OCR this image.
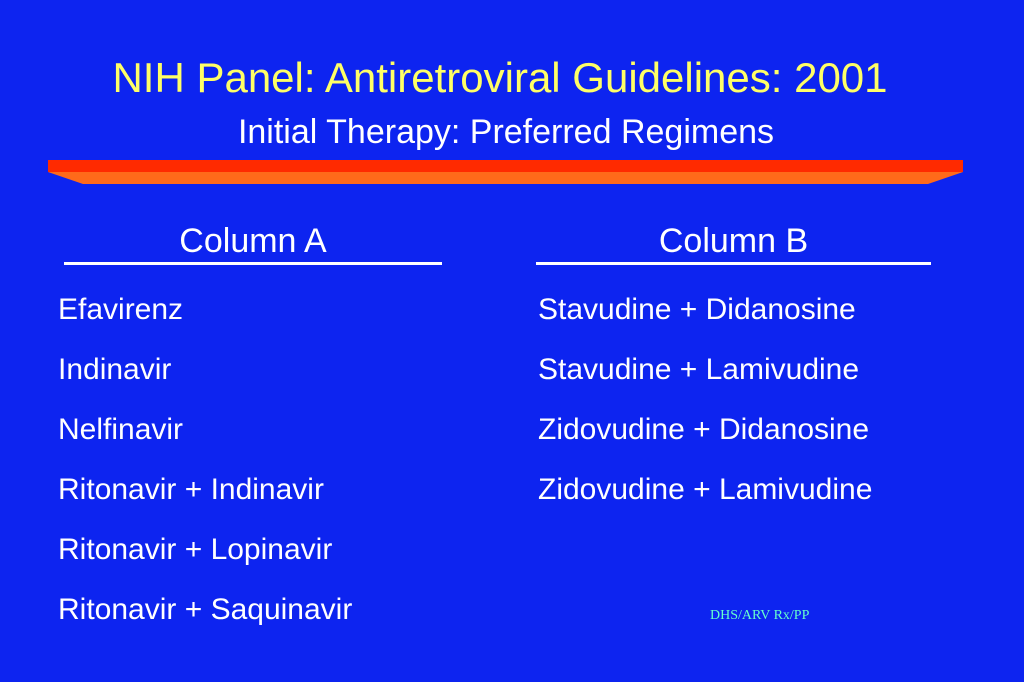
NIH Panel: Antiretroviral Guidelines: 2001
Initial Therapy: Preferred Regimens
Column A	Column B
Efavirenz
Indinavir
Nelfinavir
Ritonavir + Indinavir
Ritonavir + Lopinavir
Ritonavir + Saquinavir
Stavudine + Didanosine
Stavudine + Lamivudine
Zidovudine + Didanosine
Zidovudine + Lamivudine
DHS/ARV Rx/PP
